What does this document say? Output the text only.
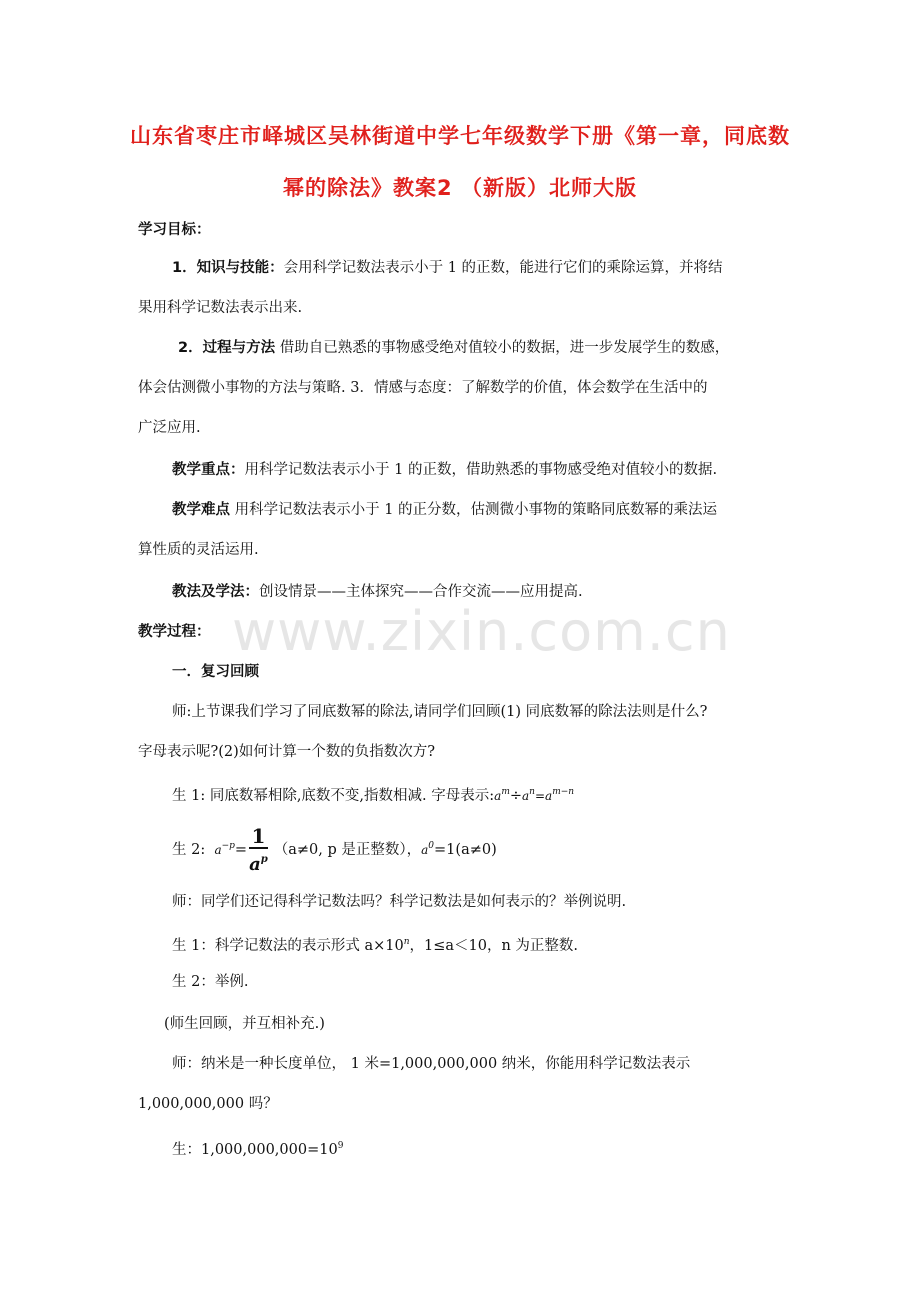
www.zixin.com.cn
山东省枣庄市峄城区吴林街道中学七年级数学下册《第一章，同底数
幂的除法》教案2 （新版）北师大版
学习目标：
1．知识与技能：会用科学记数法表示小于 1 的正数，能进行它们的乘除运算，并将结
果用科学记数法表示出来.
2．过程与方法 借助自已熟悉的事物感受绝对值较小的数据，进一步发展学生的数感，
体会估测微小事物的方法与策略. 3．情感与态度：了解数学的价值，体会数学在生活中的
广泛应用.
教学重点：用科学记数法表示小于 1 的正数，借助熟悉的事物感受绝对值较小的数据.
教学难点 用科学记数法表示小于 1 的正分数，估测微小事物的策略同底数幂的乘法运
算性质的灵活运用.
教法及学法：创设情景——主体探究——合作交流——应用提高.
教学过程：
一．复习回顾
师:上节课我们学习了同底数幂的除法,请同学们回顾(1) 同底数幂的除法法则是什么?
字母表示呢?(2)如何计算一个数的负指数次方?
生 1: 同底数幂相除,底数不变,指数相减. 字母表示$:a^m\div a^n=a^{m-n}$
生 2: $a^{-p}= \frac{1}{a^p} (a\ne 0$, p 是正整数），$a^0=1(a\ne 0)$
师：同学们还记得科学记数法吗？科学记数法是如何表示的？举例说明.
生 1：科学记数法的表示形式 $a\times 10^n$，1≤a＜10，n 为正整数.
生 2：举例.
(师生回顾，并互相补充.)
师：纳米是一种长度单位， 1 米=1,000,000,000 纳米，你能用科学记数法表示
1,000,000,000 吗？
生：$1,000,000,000=10^9$
